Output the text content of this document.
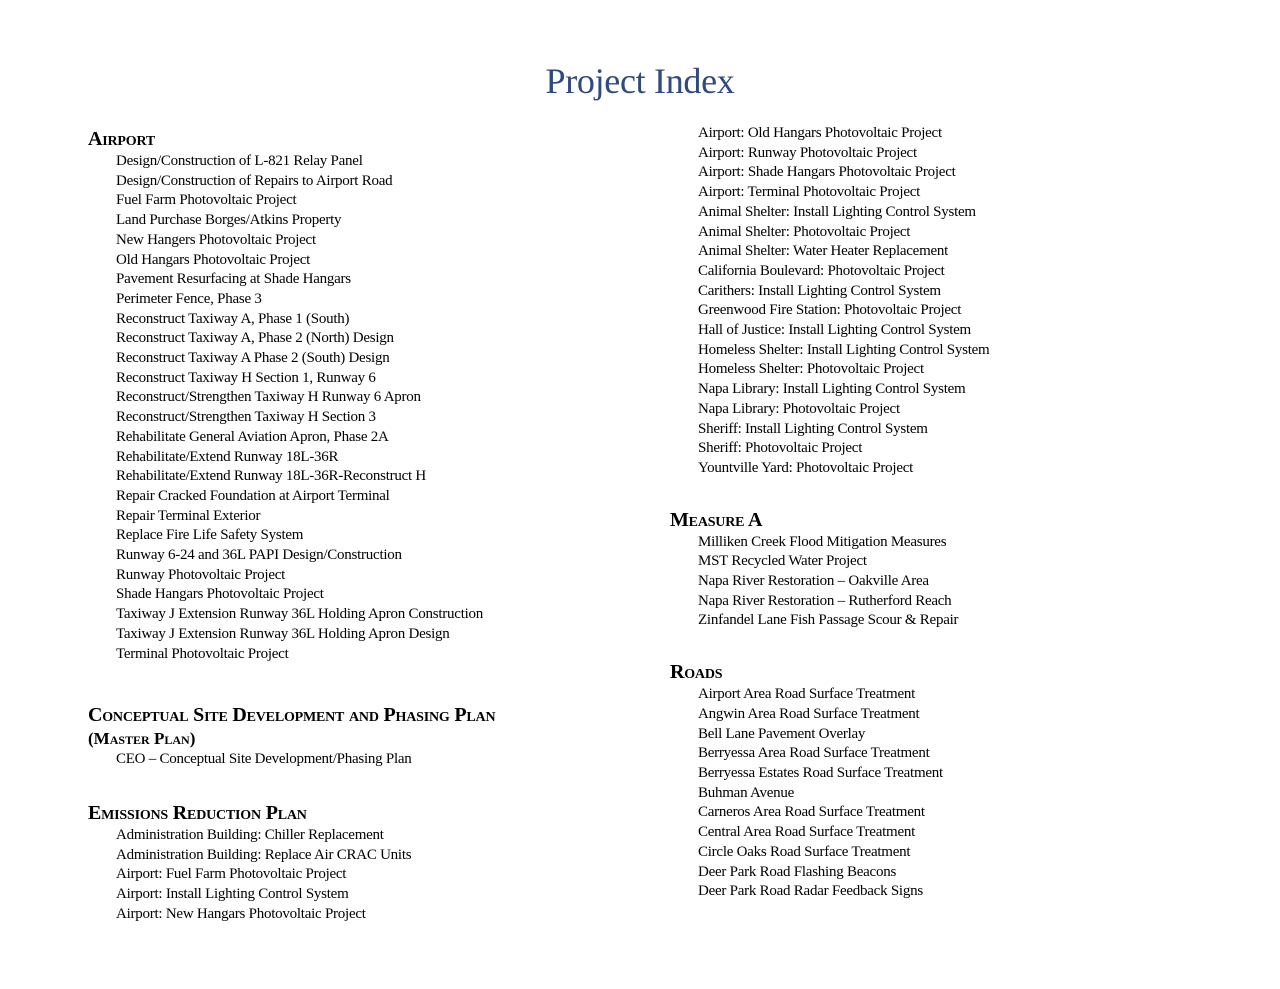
Project Index
Airport
Design/Construction of L-821 Relay Panel
Design/Construction of Repairs to Airport Road
Fuel Farm Photovoltaic Project
Land Purchase Borges/Atkins Property
New Hangers Photovoltaic Project
Old Hangars Photovoltaic Project
Pavement Resurfacing at Shade Hangars
Perimeter Fence, Phase 3
Reconstruct Taxiway A, Phase 1 (South)
Reconstruct Taxiway A, Phase 2 (North) Design
Reconstruct Taxiway A Phase 2 (South) Design
Reconstruct Taxiway H Section 1, Runway 6
Reconstruct/Strengthen Taxiway H Runway 6 Apron
Reconstruct/Strengthen Taxiway H Section 3
Rehabilitate General Aviation Apron, Phase 2A
Rehabilitate/Extend Runway 18L-36R
Rehabilitate/Extend Runway 18L-36R-Reconstruct H
Repair Cracked Foundation at Airport Terminal
Repair Terminal Exterior
Replace Fire Life Safety System
Runway 6-24 and 36L PAPI Design/Construction
Runway Photovoltaic Project
Shade Hangars Photovoltaic Project
Taxiway J Extension Runway 36L Holding Apron Construction
Taxiway J Extension Runway 36L Holding Apron Design
Terminal Photovoltaic Project
Conceptual Site Development and Phasing Plan
(Master Plan)
CEO – Conceptual Site Development/Phasing Plan
Emissions Reduction Plan
Administration Building: Chiller Replacement
Administration Building: Replace Air CRAC Units
Airport: Fuel Farm Photovoltaic Project
Airport: Install Lighting Control System
Airport: New Hangars Photovoltaic Project
Airport: Old Hangars Photovoltaic Project
Airport: Runway Photovoltaic Project
Airport: Shade Hangars Photovoltaic Project
Airport: Terminal Photovoltaic Project
Animal Shelter: Install Lighting Control System
Animal Shelter: Photovoltaic Project
Animal Shelter: Water Heater Replacement
California Boulevard: Photovoltaic Project
Carithers: Install Lighting Control System
Greenwood Fire Station: Photovoltaic Project
Hall of Justice: Install Lighting Control System
Homeless Shelter: Install Lighting Control System
Homeless Shelter: Photovoltaic Project
Napa Library: Install Lighting Control System
Napa Library: Photovoltaic Project
Sheriff: Install Lighting Control System
Sheriff: Photovoltaic Project
Yountville Yard: Photovoltaic Project
Measure A
Milliken Creek Flood Mitigation Measures
MST Recycled Water Project
Napa River Restoration – Oakville Area
Napa River Restoration – Rutherford Reach
Zinfandel Lane Fish Passage Scour & Repair
Roads
Airport Area Road Surface Treatment
Angwin Area Road Surface Treatment
Bell Lane Pavement Overlay
Berryessa Area Road Surface Treatment
Berryessa Estates Road Surface Treatment
Buhman Avenue
Carneros Area Road Surface Treatment
Central Area Road Surface Treatment
Circle Oaks Road Surface Treatment
Deer Park Road Flashing Beacons
Deer Park Road Radar Feedback Signs
